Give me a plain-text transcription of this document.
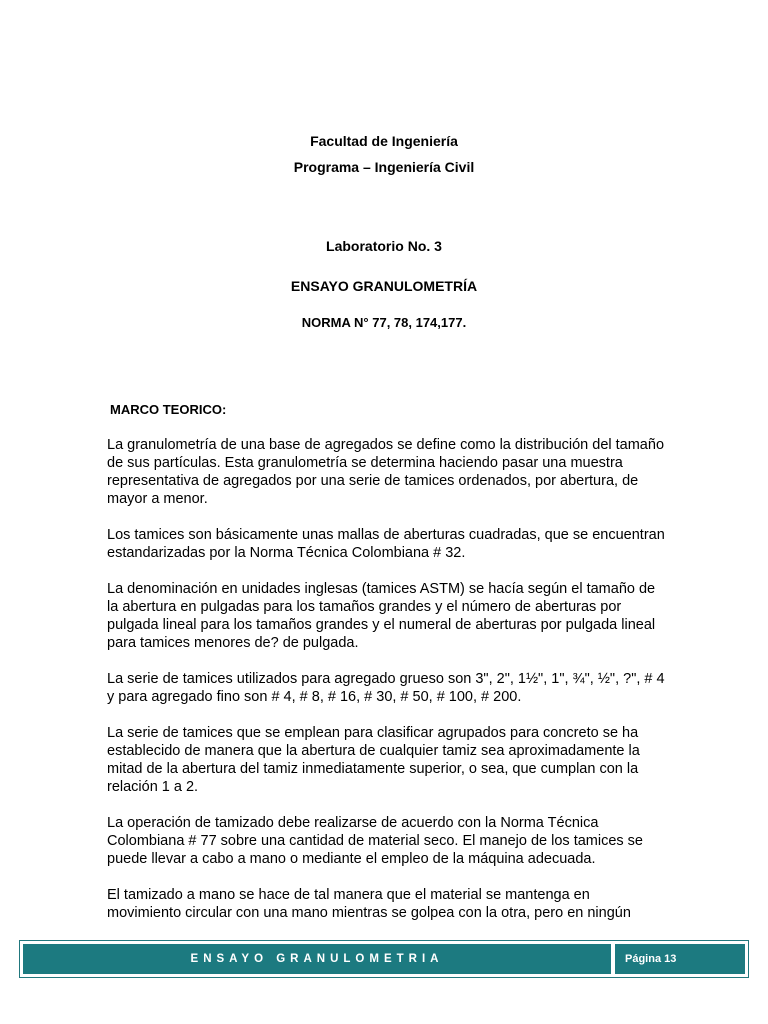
Facultad de Ingeniería
Programa – Ingeniería Civil
Laboratorio No. 3
ENSAYO GRANULOMETRÍA
NORMA N° 77, 78, 174,177.
MARCO TEORICO:

La granulometría de una base de agregados se define como la distribución del tamaño de sus partículas. Esta granulometría se determina haciendo pasar una muestra representativa de agregados por una serie de tamices ordenados, por abertura, de mayor a menor.

Los tamices son básicamente unas mallas de aberturas cuadradas, que se encuentran estandarizadas por la Norma Técnica Colombiana # 32.

La denominación en unidades inglesas (tamices ASTM) se hacía según el tamaño de la abertura en pulgadas para los tamaños grandes y el número de aberturas por pulgada lineal para los tamaños grandes y el numeral de aberturas por pulgada lineal para tamices menores de? de pulgada.

La serie de tamices utilizados para agregado grueso son 3", 2", 1½", 1", ¾", ½", ?", # 4 y para agregado fino son # 4, # 8, # 16, # 30, # 50, # 100, # 200.

La serie de tamices que se emplean para clasificar agrupados para concreto se ha establecido de manera que la abertura de cualquier tamiz sea aproximadamente la mitad de la abertura del tamiz inmediatamente superior, o sea, que cumplan con la relación 1 a 2.

La operación de tamizado debe realizarse de acuerdo con la Norma Técnica Colombiana # 77 sobre una cantidad de material seco. El manejo de los tamices se puede llevar a cabo a mano o mediante el empleo de la máquina adecuada.

El tamizado a mano se hace de tal manera que el material se mantenga en movimiento circular con una mano mientras se golpea con la otra, pero en ningún

ENSAYO GRANULOMETRIA	Página 13
